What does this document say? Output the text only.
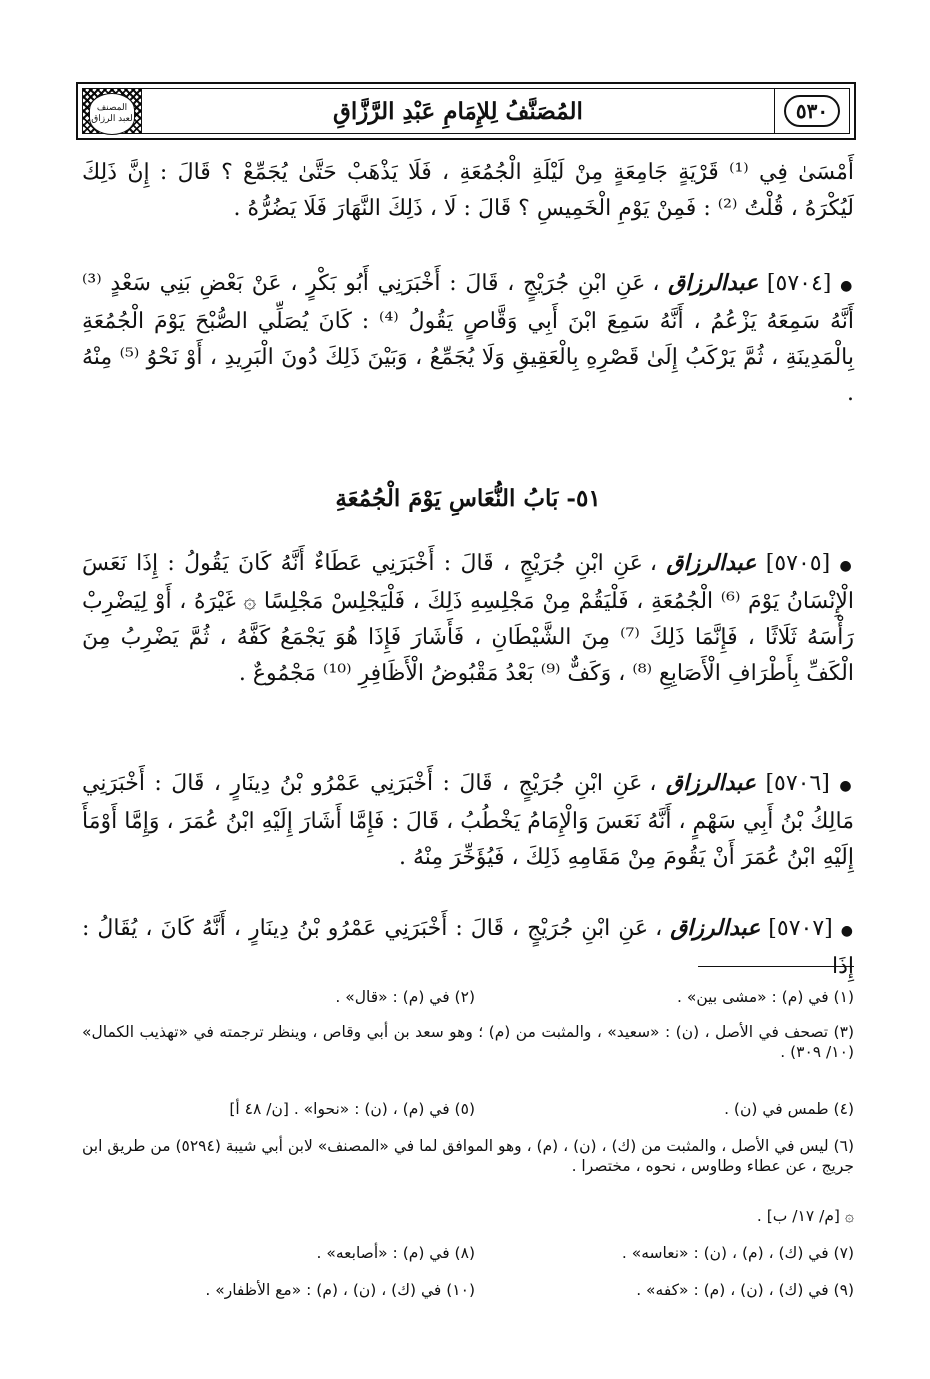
المصنف لعبد الرزاق	المُصَنَّفُ لِلإِمَامِ عَبْدِ الرَّزَّاقِ	٥٣٠
أَمْسَىٰ فِي ⁽¹⁾ قَرْيَةٍ جَامِعَةٍ مِنْ لَيْلَةِ الْجُمُعَةِ ، فَلَا يَذْهَبْ حَتَّىٰ يُجَمِّعْ ؟ قَالَ : إِنَّ ذَلِكَ لَيُكْرَهُ ، قُلْتُ ⁽²⁾ : فَمِنْ يَوْمِ الْخَمِيسِ ؟ قَالَ : لَا ، ذَلِكَ النَّهَارَ فَلَا يَضُرُّهُ .
● [٥٧٠٤] عبدالرزاق ، عَنِ ابْنِ جُرَيْجٍ ، قَالَ : أَخْبَرَنِي أَبُو بَكْرٍ ، عَنْ بَعْضِ بَنِي سَعْدٍ ⁽³⁾ أَنَّهُ سَمِعَهُ يَزْعُمُ ، أَنَّهُ سَمِعَ ابْنَ أَبِي وَقَّاصٍ يَقُولُ ⁽⁴⁾ : كَانَ يُصَلِّي الصُّبْحَ يَوْمَ الْجُمُعَةِ بِالْمَدِينَةِ ، ثُمَّ يَرْكَبُ إِلَىٰ قَصْرِهِ بِالْعَقِيقِ وَلَا يُجَمِّعُ ، وَبَيْنَ ذَلِكَ دُونَ الْبَرِيدِ ، أَوْ نَحْوُ ⁽⁵⁾ مِنْهُ .
٥١- بَابُ النُّعَاسِ يَوْمَ الْجُمُعَةِ
● [٥٧٠٥] عبدالرزاق ، عَنِ ابْنِ جُرَيْجٍ ، قَالَ : أَخْبَرَنِي عَطَاءٌ أَنَّهُ كَانَ يَقُولُ : إِذَا نَعَسَ الْإِنْسَانُ يَوْمَ ⁽⁶⁾ الْجُمُعَةِ ، فَلْيَقُمْ مِنْ مَجْلِسِهِ ذَلِكَ ، فَلْيَجْلِسْ مَجْلِسًا ۞ غَيْرَهُ ، أَوْ لِيَضْرِبْ رَأْسَهُ ثَلَاثًا ، فَإِنَّمَا ذَلِكَ ⁽⁷⁾ مِنَ الشَّيْطَانِ ، فَأَشَارَ فَإِذَا هُوَ يَجْمَعُ كَفَّهُ ، ثُمَّ يَضْرِبُ مِنَ الْكَفِّ بِأَطْرَافِ الْأَصَابِعِ ⁽⁸⁾ ، وَكَفٌّ ⁽⁹⁾ بَعْدُ مَقْبُوضُ الْأَظَافِرِ ⁽¹⁰⁾ مَجْمُوعٌ .
● [٥٧٠٦] عبدالرزاق ، عَنِ ابْنِ جُرَيْجٍ ، قَالَ : أَخْبَرَنِي عَمْرُو بْنُ دِينَارٍ ، قَالَ : أَخْبَرَنِي مَالِكُ بْنُ أَبِي سَهْمٍ ، أَنَّهُ نَعَسَ وَالْإِمَامُ يَخْطُبُ ، قَالَ : فَإِمَّا أَشَارَ إِلَيْهِ ابْنُ عُمَرَ ، وَإِمَّا أَوْمَأَ إِلَيْهِ ابْنُ عُمَرَ أَنْ يَقُومَ مِنْ مَقَامِهِ ذَلِكَ ، فَيُؤَخِّرَ مِنْهُ .
● [٥٧٠٧] عبدالرزاق ، عَنِ ابْنِ جُرَيْجٍ ، قَالَ : أَخْبَرَنِي عَمْرُو بْنُ دِينَارٍ ، أَنَّهُ كَانَ ، يُقَالُ : إِذَا
(١) في (م) : «مشى بين» .
(٢) في (م) : «قال» .
(٣) تصحف في الأصل ، (ن) : «سعيد» ، والمثبت من (م) ؛ وهو سعد بن أبي وقاص ، وينظر ترجمته في «تهذيب الكمال» (١٠/ ٣٠٩) .
(٤) طمس في (ن) .
(٥) في (م) ، (ن) : «نحوا» . [ن/ ٤٨ أ]
(٦) ليس في الأصل ، والمثبت من (ك) ، (ن) ، (م) ، وهو الموافق لما في «المصنف» لابن أبي شيبة (٥٢٩٤) من طريق ابن جريج ، عن عطاء وطاوس ، نحوه ، مختصرا .
۞ [م/ ١٧/ ب] .
(٧) في (ك) ، (م) ، (ن) : «نعاسه» .
(٨) في (م) : «أصابعه» .
(٩) في (ك) ، (ن) ، (م) : «كفه» .
(١٠) في (ك) ، (ن) ، (م) : «مع الأظفار» .
